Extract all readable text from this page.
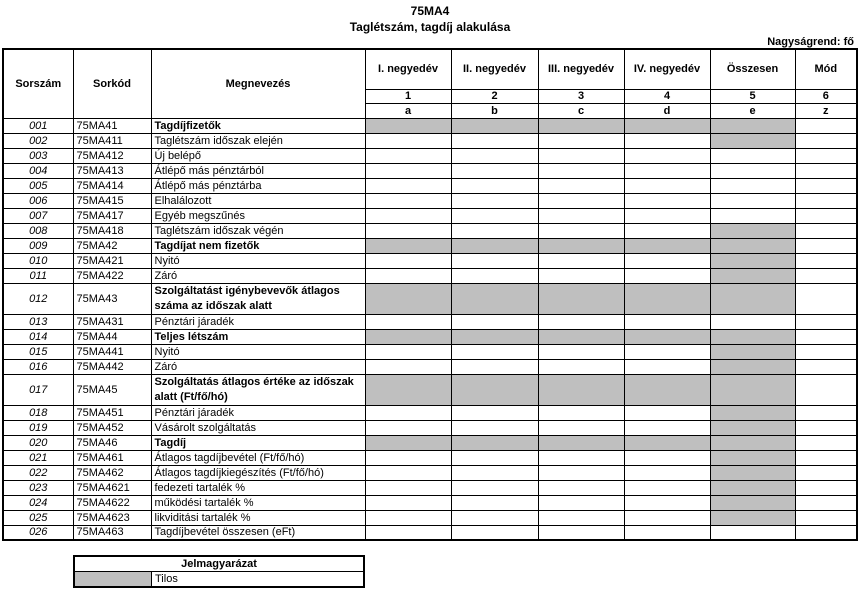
75MA4
Taglétszám, tagdíj alakulása
Nagyságrend: fő
Sorszám	Sorkód	Megnevezés	I. negyedév	II. negyedév	III. negyedév	IV. negyedév	Összesen	Mód
			1	2	3	4	5	6
			a	b	c	d	e	z
001	75MA41	Tagdíjfizetők						
002	75MA411	Taglétszám időszak elején						
003	75MA412	Új belépő						
004	75MA413	Átlépő más pénztárból						
005	75MA414	Átlépő más pénztárba						
006	75MA415	Elhalálozott						
007	75MA417	Egyéb megszűnés						
008	75MA418	Taglétszám időszak végén						
009	75MA42	Tagdíjat nem fizetők						
010	75MA421	Nyitó						
011	75MA422	Záró						
012	75MA43	Szolgáltatást igénybevevők átlagos száma az időszak alatt						
013	75MA431	Pénztári járadék						
014	75MA44	Teljes létszám						
015	75MA441	Nyitó						
016	75MA442	Záró						
017	75MA45	Szolgáltatás átlagos értéke az időszak alatt (Ft/fő/hó)						
018	75MA451	Pénztári járadék						
019	75MA452	Vásárolt szolgáltatás						
020	75MA46	Tagdíj						
021	75MA461	Átlagos tagdíjbevétel (Ft/fő/hó)						
022	75MA462	Átlagos tagdíjkiegészítés (Ft/fő/hó)						
023	75MA4621	fedezeti tartalék %						
024	75MA4622	működési tartalék %						
025	75MA4623	likviditási tartalék %						
026	75MA463	Tagdíjbevétel összesen (eFt)						
Jelmagyarázat
	Tilos
